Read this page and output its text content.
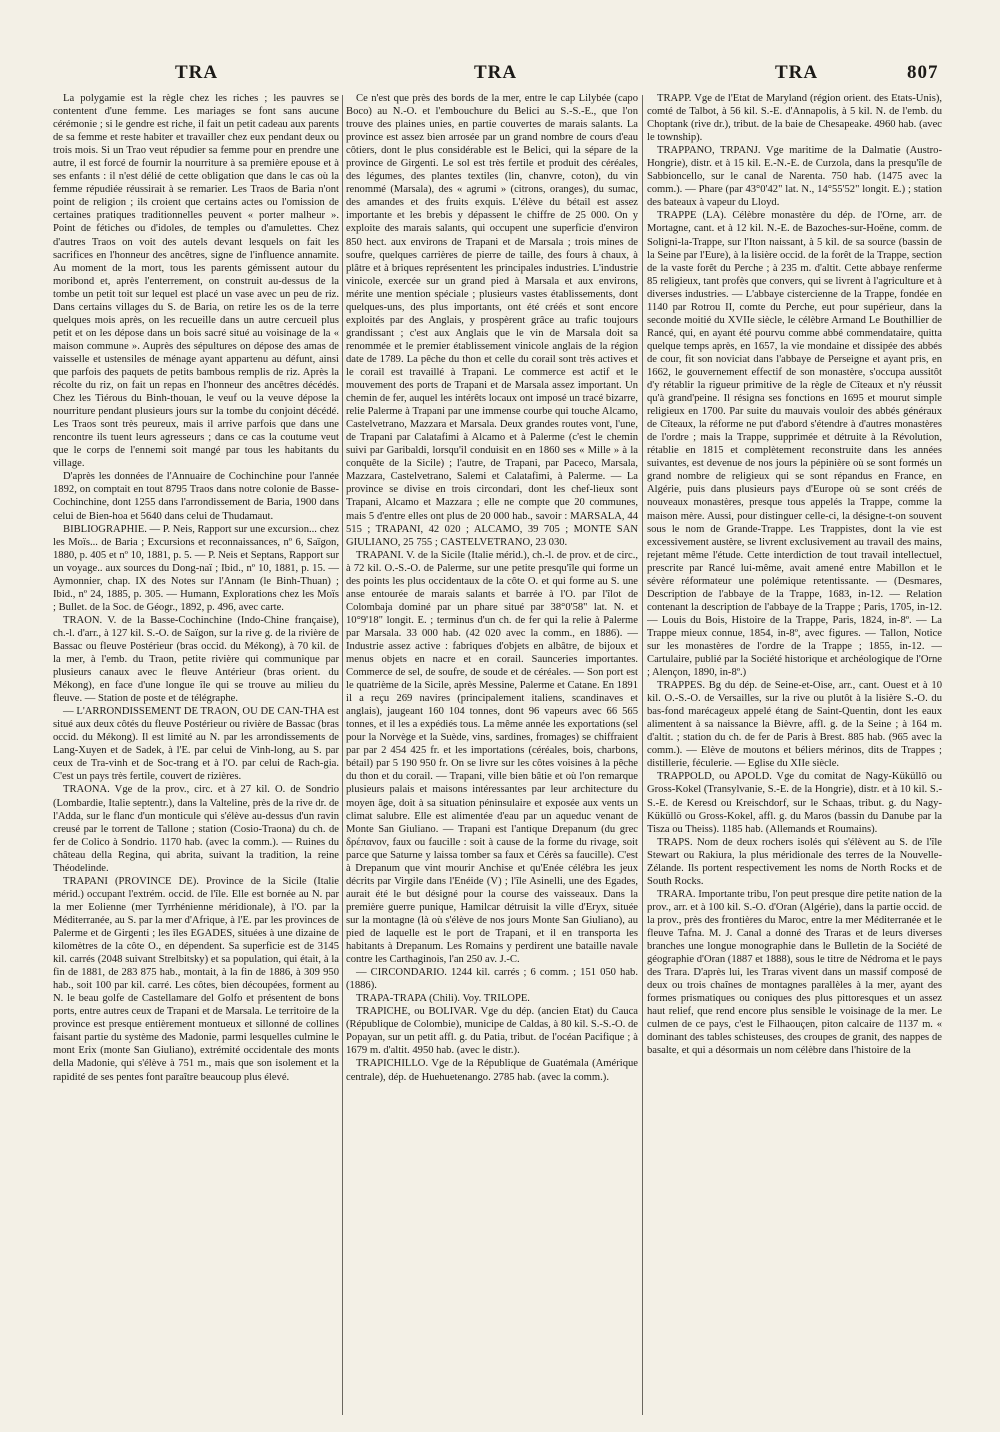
TRA	TRA	TRA	807

La polygamie est la règle chez les riches ; les pauvres se contentent d'une femme. Les mariages se font sans aucune cérémonie ; si le gendre est riche, il fait un petit cadeau aux parents de sa femme et reste habiter et travailler chez eux pendant deux ou trois mois. Si un Trao veut répudier sa femme pour en prendre une autre, il est forcé de fournir la nourriture à sa première epouse et à ses enfants : il n'est délié de cette obligation que dans le cas où la femme répudiée réussirait à se remarier. Les Traos de Baria n'ont point de religion ; ils croient que certains actes ou l'omission de certaines pratiques traditionnelles peuvent « porter malheur ». Point de fétiches ou d'idoles, de temples ou d'amulettes. Chez d'autres Traos on voit des autels devant lesquels on fait les sacrifices en l'honneur des ancêtres, signe de l'influence annamite. Au moment de la mort, tous les parents gémissent autour du moribond et, après l'enterrement, on construit au-dessus de la tombe un petit toit sur lequel est placé un vase avec un peu de riz. Dans certains villages du S. de Baria, on retire les os de la terre quelques mois après, on les recueille dans un autre cercueil plus petit et on les dépose dans un bois sacré situé au voisinage de la « maison commune ». Auprès des sépultures on dépose des amas de vaisselle et ustensiles de ménage ayant appartenu au défunt, ainsi que parfois des paquets de petits bambous remplis de riz. Après la récolte du riz, on fait un repas en l'honneur des ancêtres décédés. Chez les Tiérous du Binh-thouan, le veuf ou la veuve dépose la nourriture pendant plusieurs jours sur la tombe du conjoint décédé. Les Traos sont très peureux, mais il arrive parfois que dans une rencontre ils tuent leurs agresseurs ; dans ce cas la coutume veut que le corps de l'ennemi soit mangé par tous les habitants du village.

D'après les données de l'Annuaire de Cochinchine pour l'année 1892, on comptait en tout 8795 Traos dans notre colonie de Basse-Cochinchine, dont 1255 dans l'arrondissement de Baria, 1900 dans celui de Bien-hoa et 5640 dans celui de Thudamaut.

BIBLIOGRAPHIE. — P. Neis, Rapport sur une excursion... chez les Moïs... de Baria ; Excursions et reconnaissances, nº 6, Saïgon, 1880, p. 405 et nº 10, 1881, p. 5. — P. Neis et Septans, Rapport sur un voyage.. aux sources du Dong-naï ; Ibid., nº 10, 1881, p. 15. — Aymonnier, chap. IX des Notes sur l'Annam (le Binh-Thuan) ; Ibid., nº 24, 1885, p. 305. — Humann, Explorations chez les Moïs ; Bullet. de la Soc. de Géogr., 1892, p. 496, avec carte.

TRAON. V. de la Basse-Cochinchine (Indo-Chine française), ch.-l. d'arr., à 127 kil. S.-O. de Saïgon, sur la rive g. de la rivière de Bassac ou fleuve Postérieur (bras occid. du Mékong), à 70 kil. de la mer, à l'emb. du Traon, petite rivière qui communique par plusieurs canaux avec le fleuve Antérieur (bras orient. du Mékong), en face d'une longue île qui se trouve au milieu du fleuve. — Station de poste et de télégraphe.

— L'ARRONDISSEMENT DE TRAON, OU DE CAN-THA est situé aux deux côtés du fleuve Postérieur ou rivière de Bassac (bras occid. du Mékong). Il est limité au N. par les arrondissements de Lang-Xuyen et de Sadek, à l'E. par celui de Vinh-long, au S. par ceux de Tra-vinh et de Soc-trang et à l'O. par celui de Rach-gia. C'est un pays très fertile, couvert de rizières.

TRAONA. Vge de la prov., circ. et à 27 kil. O. de Sondrio (Lombardie, Italie septentr.), dans la Valteline, près de la rive dr. de l'Adda, sur le flanc d'un monticule qui s'élève au-dessus d'un ravin creusé par le torrent de Tallone ; station (Cosio-Traona) du ch. de fer de Colico à Sondrio. 1170 hab. (avec la comm.). — Ruines du château della Regina, qui abrita, suivant la tradition, la reine Théodelinde.

TRAPANI (PROVINCE DE). Province de la Sicile (Italie mérid.) occupant l'extrém. occid. de l'île. Elle est bornée au N. par la mer Eolienne (mer Tyrrhénienne méridionale), à l'O. par la Méditerranée, au S. par la mer d'Afrique, à l'E. par les provinces de Palerme et de Girgenti ; les îles EGADES, situées à une dizaine de kilomètres de la côte O., en dépendent. Sa superficie est de 3145 kil. carrés (2048 suivant Strelbitsky) et sa population, qui était, à la fin de 1881, de 283 875 hab., montait, à la fin de 1886, à 309 950 hab., soit 100 par kil. carré. Les côtes, bien découpées, forment au N. le beau golfe de Castellamare del Golfo et présentent de bons ports, entre autres ceux de Trapani et de Marsala. Le territoire de la province est presque entièrement montueux et sillonné de collines faisant partie du système des Madonie, parmi lesquelles culmine le mont Erix (monte San Giuliano), extrémité occidentale des monts della Madonie, qui s'élève à 751 m., mais que son isolement et la rapidité de ses pentes font paraître beaucoup plus élevé.

Ce n'est que près des bords de la mer, entre le cap Lilybée (capo Boco) au N.-O. et l'embouchure du Belici au S.-S.-E., que l'on trouve des plaines unies, en partie couvertes de marais salants. La province est assez bien arrosée par un grand nombre de cours d'eau côtiers, dont le plus considérable est le Belici, qui la sépare de la province de Girgenti. Le sol est très fertile et produit des céréales, des légumes, des plantes textiles (lin, chanvre, coton), du vin renommé (Marsala), des « agrumi » (citrons, oranges), du sumac, des amandes et des fruits exquis. L'élève du bétail est assez importante et les brebis y dépassent le chiffre de 25 000. On y exploite des marais salants, qui occupent une superficie d'environ 850 hect. aux environs de Trapani et de Marsala ; trois mines de soufre, quelques carrières de pierre de taille, des fours à chaux, à plâtre et à briques représentent les principales industries. L'industrie vinicole, exercée sur un grand pied à Marsala et aux environs, mérite une mention spéciale ; plusieurs vastes établissements, dont quelques-uns, des plus importants, ont été créés et sont encore exploités par des Anglais, y prospèrent grâce au trafic toujours grandissant ; c'est aux Anglais que le vin de Marsala doit sa renommée et le premier établissement vinicole anglais de la région date de 1789. La pêche du thon et celle du corail sont très actives et le corail est travaillé à Trapani. Le commerce est actif et le mouvement des ports de Trapani et de Marsala assez important. Un chemin de fer, auquel les intérêts locaux ont imposé un tracé bizarre, relie Palerme à Trapani par une immense courbe qui touche Alcamo, Castelvetrano, Mazzara et Marsala. Deux grandes routes vont, l'une, de Trapani par Calatafimi à Alcamo et à Palerme (c'est le chemin suivi par Garibaldi, lorsqu'il conduisit en en 1860 ses « Mille » à la conquête de la Sicile) ; l'autre, de Trapani, par Paceco, Marsala, Mazzara, Castelvetrano, Salemi et Calatafimi, à Palerme. — La province se divise en trois circondari, dont les chef-lieux sont Trapani, Alcamo et Mazzara ; elle ne compte que 20 communes, mais 5 d'entre elles ont plus de 20 000 hab., savoir : MARSALA, 44 515 ; TRAPANI, 42 020 ; ALCAMO, 39 705 ; MONTE SAN GIULIANO, 25 755 ; CASTELVETRANO, 23 030.

TRAPANI. V. de la Sicile (Italie mérid.), ch.-l. de prov. et de circ., à 72 kil. O.-S.-O. de Palerme, sur une petite presqu'île qui forme un des points les plus occidentaux de la côte O. et qui forme au S. une anse entourée de marais salants et barrée à l'O. par l'îlot de Colombaja dominé par un phare situé par 38°0'58" lat. N. et 10°9'18" longit. E. ; terminus d'un ch. de fer qui la relie à Palerme par Marsala. 33 000 hab. (42 020 avec la comm., en 1886). — Industrie assez active : fabriques d'objets en albâtre, de bijoux et menus objets en nacre et en corail. Saunceries importantes. Commerce de sel, de soufre, de soude et de céréales. — Son port est le quatrième de la Sicile, après Messine, Palerme et Catane. En 1891 il a reçu 269 navires (principalement italiens, scandinaves et anglais), jaugeant 160 104 tonnes, dont 96 vapeurs avec 66 565 tonnes, et il les a expédiés tous. La même année les exportations (sel pour la Norvège et la Suède, vins, sardines, fromages) se chiffraient par par 2 454 425 fr. et les importations (céréales, bois, charbons, bétail) par 5 190 950 fr. On se livre sur les côtes voisines à la pêche du thon et du corail. — Trapani, ville bien bâtie et où l'on remarque plusieurs palais et maisons intéressantes par leur architecture du moyen âge, doit à sa situation péninsulaire et exposée aux vents un climat salubre. Elle est alimentée d'eau par un aqueduc venant de Monte San Giuliano. — Trapani est l'antique Drepanum (du grec δρέπανον, faux ou faucille : soit à cause de la forme du rivage, soit parce que Saturne y laissa tomber sa faux et Cérès sa faucille). C'est à Drepanum que vint mourir Anchise et qu'Enée célébra les jeux décrits par Virgile dans l'Enéide (V) ; l'île Asinelli, une des Egades, aurait été le but désigné pour la course des vaisseaux. Dans la première guerre punique, Hamilcar détruisit la ville d'Eryx, située sur la montagne (là où s'élève de nos jours Monte San Giuliano), au pied de laquelle est le port de Trapani, et il en transporta les habitants à Drepanum. Les Romains y perdirent une bataille navale contre les Carthaginois, l'an 250 av. J.-C.

— CIRCONDARIO. 1244 kil. carrés ; 6 comm. ; 151 050 hab. (1886).

TRAPA-TRAPA (Chili). Voy. TRILOPE.

TRAPICHE, ou BOLIVAR. Vge du dép. (ancien Etat) du Cauca (République de Colombie), municipe de Caldas, à 80 kil. S.-S.-O. de Popayan, sur un petit affl. g. du Patia, tribut. de l'océan Pacifique ; à 1679 m. d'altit. 4950 hab. (avec le distr.).

TRAPICHILLO. Vge de la République de Guatémala (Amérique centrale), dép. de Huehuetenango. 2785 hab. (avec la comm.).

TRAPP. Vge de l'Etat de Maryland (région orient. des Etats-Unis), comté de Talbot, à 56 kil. S.-E. d'Annapolis, à 5 kil. N. de l'emb. du Choptank (rive dr.), tribut. de la baie de Chesapeake. 4960 hab. (avec le township).

TRAPPANO, TRPANJ. Vge maritime de la Dalmatie (Austro-Hongrie), distr. et à 15 kil. E.-N.-E. de Curzola, dans la presqu'île de Sabbioncello, sur le canal de Narenta. 750 hab. (1475 avec la comm.). — Phare (par 43°0'42" lat. N., 14°55'52" longit. E.) ; station des bateaux à vapeur du Lloyd.

TRAPPE (LA). Célèbre monastère du dép. de l'Orne, arr. de Mortagne, cant. et à 12 kil. N.-E. de Bazoches-sur-Hoëne, comm. de Soligni-la-Trappe, sur l'Iton naissant, à 5 kil. de sa source (bassin de la Seine par l'Eure), à la lisière occid. de la forêt de la Trappe, section de la vaste forêt du Perche ; à 235 m. d'altit. Cette abbaye renferme 85 religieux, tant profès que convers, qui se livrent à l'agriculture et à diverses industries. — L'abbaye cistercienne de la Trappe, fondée en 1140 par Rotrou II, comte du Perche, eut pour supérieur, dans la seconde moitié du XVIIe siècle, le célèbre Armand Le Bouthillier de Rancé, qui, en ayant été pourvu comme abbé commendataire, quitta quelque temps après, en 1657, la vie mondaine et dissipée des abbés de cour, fit son noviciat dans l'abbaye de Perseigne et ayant pris, en 1662, le gouvernement effectif de son monastère, s'occupa aussitôt d'y rétablir la rigueur primitive de la règle de Cîteaux et n'y réussit qu'à grand'peine. Il résigna ses fonctions en 1695 et mourut simple religieux en 1700. Par suite du mauvais vouloir des abbés généraux de Cîteaux, la réforme ne put d'abord s'étendre à d'autres monastères de l'ordre ; mais la Trappe, supprimée et détruite à la Révolution, rétablie en 1815 et complètement reconstruite dans les années suivantes, est devenue de nos jours la pépinière où se sont formés un grand nombre de religieux qui se sont répandus en France, en Algérie, puis dans plusieurs pays d'Europe où se sont créés de nouveaux monastères, presque tous appelés la Trappe, comme la maison mère. Aussi, pour distinguer celle-ci, la désigne-t-on souvent sous le nom de Grande-Trappe. Les Trappistes, dont la vie est excessivement austère, se livrent exclusivement au travail des mains, rejetant même l'étude. Cette interdiction de tout travail intellectuel, prescrite par Rancé lui-même, avait amené entre Mabillon et le sévère réformateur une polémique retentissante. — (Desmares, Description de l'abbaye de la Trappe, 1683, in-12. — Relation contenant la description de l'abbaye de la Trappe ; Paris, 1705, in-12. — Louis du Bois, Histoire de la Trappe, Paris, 1824, in-8º. — La Trappe mieux connue, 1854, in-8º, avec figures. — Tallon, Notice sur les monastères de l'ordre de la Trappe ; 1855, in-12. — Cartulaire, publié par la Société historique et archéologique de l'Orne ; Alençon, 1890, in-8º.)

TRAPPES. Bg du dép. de Seine-et-Oise, arr., cant. Ouest et à 10 kil. O.-S.-O. de Versailles, sur la rive ou plutôt à la lisière S.-O. du bas-fond marécageux appelé étang de Saint-Quentin, dont les eaux alimentent à sa naissance la Bièvre, affl. g. de la Seine ; à 164 m. d'altit. ; station du ch. de fer de Paris à Brest. 885 hab. (965 avec la comm.). — Elève de moutons et béliers mérinos, dits de Trappes ; distillerie, féculerie. — Eglise du XIIe siècle.

TRAPPOLD, ou APOLD. Vge du comitat de Nagy-Küküllö ou Gross-Kokel (Transylvanie, S.-E. de la Hongrie), distr. et à 10 kil. S.-S.-E. de Keresd ou Kreischdorf, sur le Schaas, tribut. g. du Nagy-Küküllö ou Gross-Kokel, affl. g. du Maros (bassin du Danube par la Tisza ou Theiss). 1185 hab. (Allemands et Roumains).

TRAPS. Nom de deux rochers isolés qui s'élèvent au S. de l'île Stewart ou Rakiura, la plus méridionale des terres de la Nouvelle-Zélande. Ils portent respectivement les noms de North Rocks et de South Rocks.

TRARA. Importante tribu, l'on peut presque dire petite nation de la prov., arr. et à 100 kil. S.-O. d'Oran (Algérie), dans la partie occid. de la prov., près des frontières du Maroc, entre la mer Méditerranée et le fleuve Tafna. M. J. Canal a donné des Traras et de leurs diverses branches une longue monographie dans le Bulletin de la Société de géographie d'Oran (1887 et 1888), sous le titre de Nédroma et le pays des Trara. D'après lui, les Traras vivent dans un massif composé de deux ou trois chaînes de montagnes parallèles à la mer, ayant des formes prismatiques ou coniques des plus pittoresques et un assez haut relief, que rend encore plus sensible le voisinage de la mer. Le culmen de ce pays, c'est le Filhaouçen, piton calcaire de 1137 m. « dominant des tables schisteuses, des croupes de granit, des nappes de basalte, et qui a désormais un nom célèbre dans l'histoire de la
